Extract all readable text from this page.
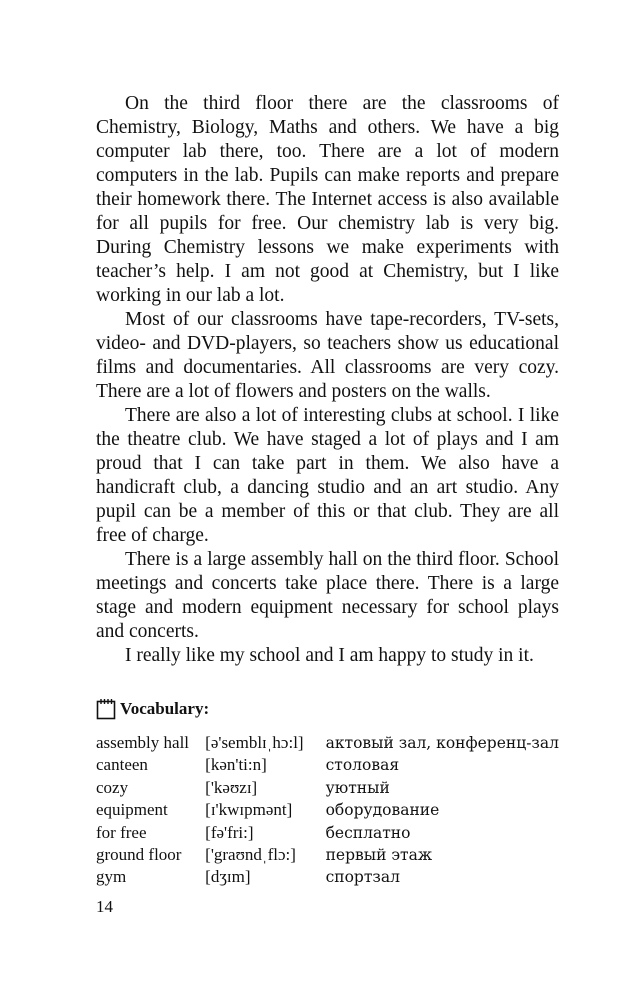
On the third floor there are the classrooms of Chemistry, Biology, Maths and others. We have a big computer lab there, too. There are a lot of modern computers in the lab. Pupils can make reports and prepare their homework there. The Internet access is also available for all pupils for free. Our chemistry lab is very big. During Chemistry lessons we make experiments with teacher’s help. I am not good at Chemistry, but I like working in our lab a lot.

Most of our classrooms have tape-recorders, TV-sets, video- and DVD-players, so teachers show us educational films and documentaries. All classrooms are very cozy. There are a lot of flowers and posters on the walls.

There are also a lot of interesting clubs at school. I like the theatre club. We have staged a lot of plays and I am proud that I can take part in them. We also have a handicraft club, a dancing studio and an art studio. Any pupil can be a member of this or that club. They are all free of charge.

There is a large assembly hall on the third floor. School meetings and concerts take place there. There is a large stage and modern equipment necessary for school plays and concerts.

I really like my school and I am happy to study in it.

Vocabulary:
assembly hall	[ə'semblɪˌhɔ:l]	актовый зал, конференц-зал
canteen	[kən'ti:n]	столовая
cozy	['kəʊzɪ]	уютный
equipment	[ɪ'kwɪpmənt]	оборудование
for free	[fə'fri:]	бесплатно
ground floor	['graʊndˌflɔ:]	первый этаж
gym	[dʒɪm]	спортзал
14
